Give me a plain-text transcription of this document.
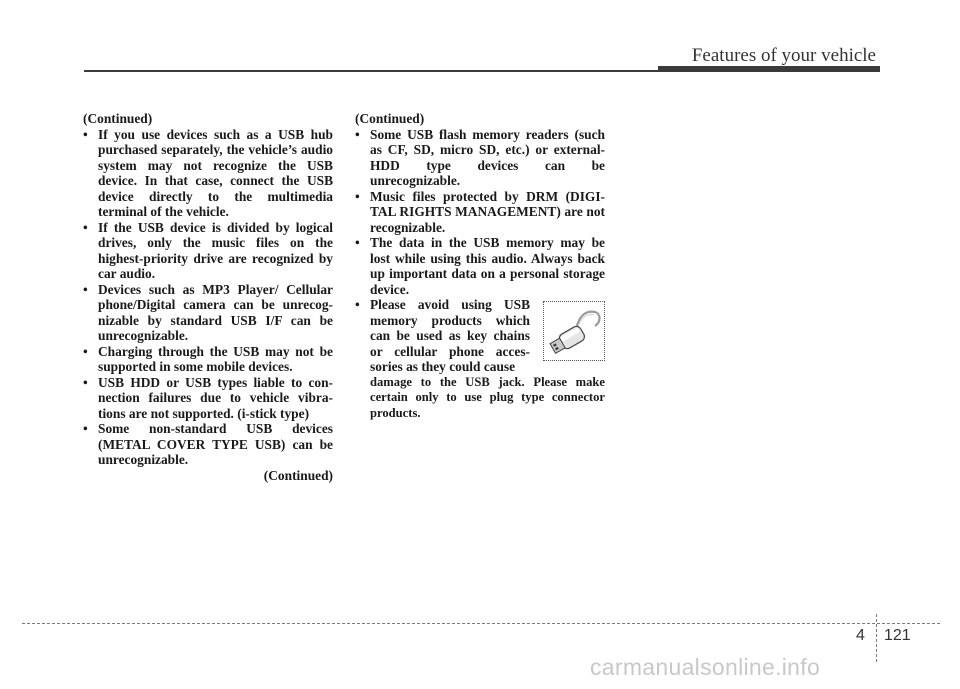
Features of your vehicle
(Continued)
• If you use devices such as a USB hub purchased separately, the vehicle’s audio system may not recognize the USB device. In that case, connect the USB device directly to the multimedia terminal of the vehicle.
• If the USB device is divided by logical drives, only the music files on the highest-priority drive are recognized by car audio.
• Devices such as MP3 Player/ Cellular phone/Digital camera can be unrecog-nizable by standard USB I/F can be unrecognizable.
• Charging through the USB may not be supported in some mobile devices.
• USB HDD or USB types liable to con-nection failures due to vehicle vibra-tions are not supported. (i-stick type)
• Some non-standard USB devices (METAL COVER TYPE USB) can be unrecognizable.
(Continued)
(Continued)
• Some USB flash memory readers (such as CF, SD, micro SD, etc.) or external-HDD type devices can be unrecognizable.
• Music files protected by DRM (DIGI-TAL RIGHTS MANAGEMENT) are not recognizable.
• The data in the USB memory may be lost while using this audio. Always back up important data on a personal storage device.
• Please avoid using USB memory products which can be used as key chains or cellular phone acces-sories as they could cause
damage to the USB jack. Please make certain only to use plug type connector products.
4 121
carmanualsonline.info
